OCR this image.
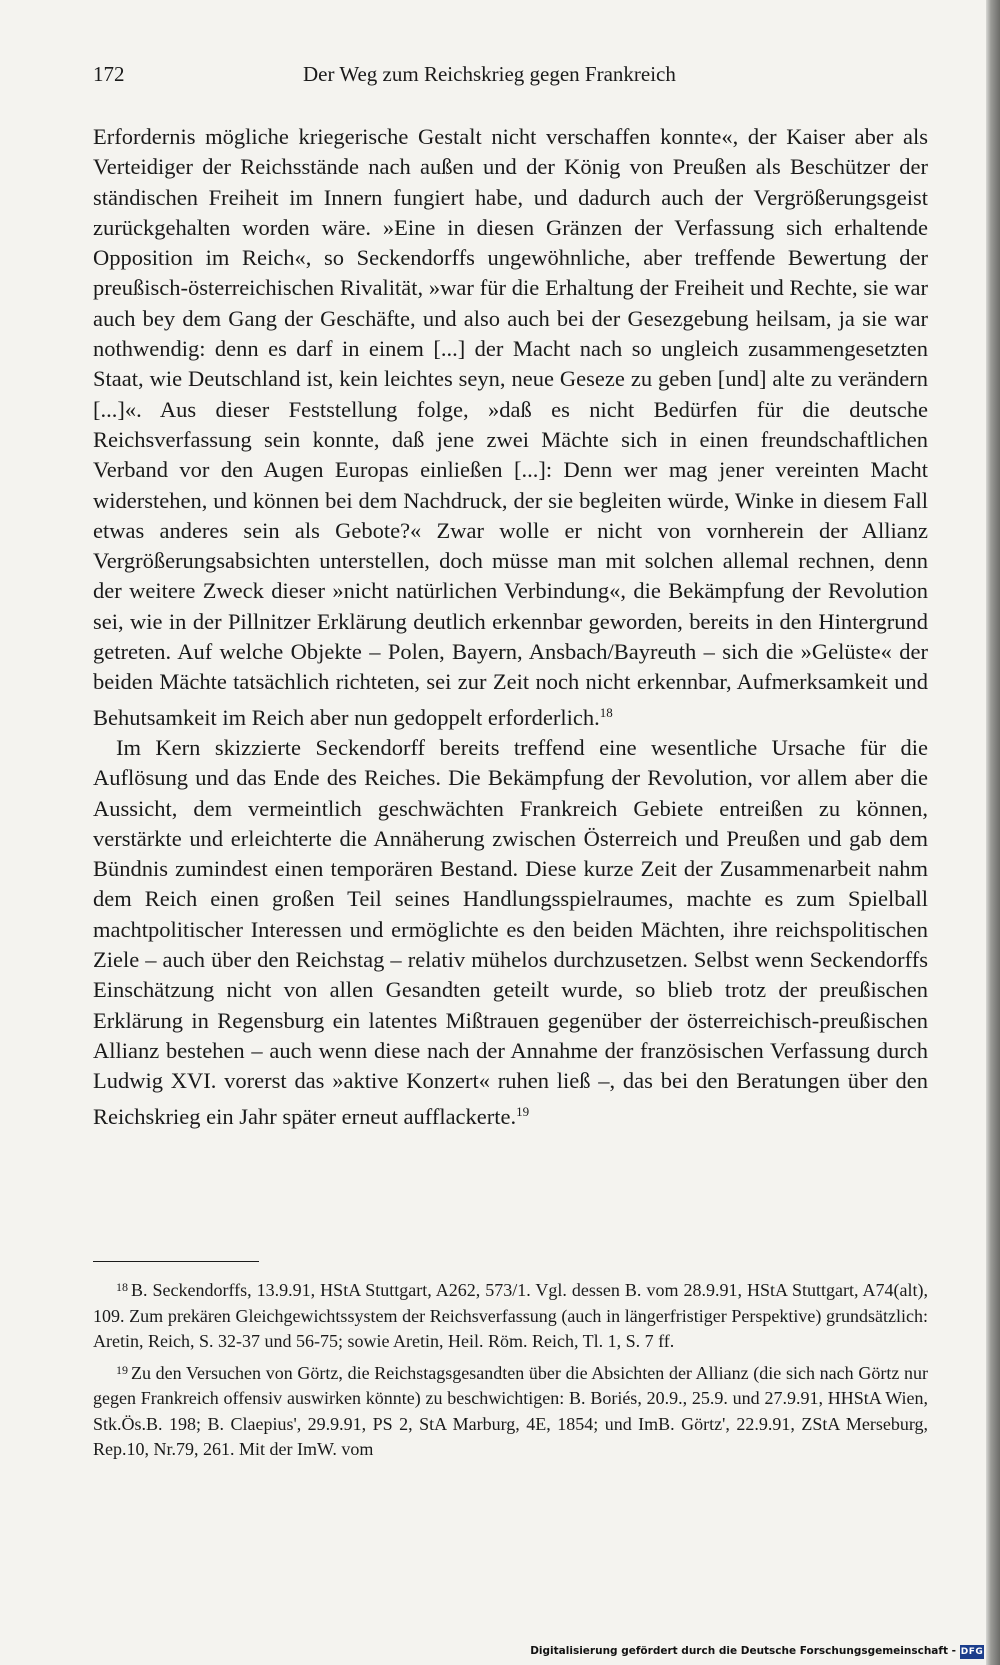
172	Der Weg zum Reichskrieg gegen Frankreich

Erfordernis mögliche kriegerische Gestalt nicht verschaffen konnte«, der Kaiser aber als Verteidiger der Reichsstände nach außen und der König von Preußen als Beschützer der ständischen Freiheit im Innern fungiert habe, und dadurch auch der Vergrößerungsgeist zurückgehalten worden wäre. »Eine in diesen Gränzen der Verfassung sich erhaltende Opposition im Reich«, so Seckendorffs ungewöhnliche, aber treffende Bewertung der preußisch-österreichischen Rivalität, »war für die Erhaltung der Freiheit und Rechte, sie war auch bey dem Gang der Geschäfte, und also auch bei der Gesezgebung heilsam, ja sie war nothwendig: denn es darf in einem [...] der Macht nach so ungleich zusammengesetzten Staat, wie Deutschland ist, kein leichtes seyn, neue Geseze zu geben [und] alte zu verändern [...]«. Aus dieser Feststellung folge, »daß es nicht Bedürfen für die deutsche Reichsverfassung sein konnte, daß jene zwei Mächte sich in einen freundschaftlichen Verband vor den Augen Europas einließen [...]: Denn wer mag jener vereinten Macht widerstehen, und können bei dem Nachdruck, der sie begleiten würde, Winke in diesem Fall etwas anderes sein als Gebote?« Zwar wolle er nicht von vornherein der Allianz Vergrößerungsabsichten unterstellen, doch müsse man mit solchen allemal rechnen, denn der weitere Zweck dieser »nicht natürlichen Verbindung«, die Bekämpfung der Revolution sei, wie in der Pillnitzer Erklärung deutlich erkennbar geworden, bereits in den Hintergrund getreten. Auf welche Objekte – Polen, Bayern, Ansbach/Bayreuth – sich die »Gelüste« der beiden Mächte tatsächlich richteten, sei zur Zeit noch nicht erkennbar, Aufmerksamkeit und Behutsamkeit im Reich aber nun gedoppelt erforderlich.$^{18}$

Im Kern skizzierte Seckendorff bereits treffend eine wesentliche Ursache für die Auflösung und das Ende des Reiches. Die Bekämpfung der Revolution, vor allem aber die Aussicht, dem vermeintlich geschwächten Frankreich Gebiete entreißen zu können, verstärkte und erleichterte die Annäherung zwischen Österreich und Preußen und gab dem Bündnis zumindest einen temporären Bestand. Diese kurze Zeit der Zusammenarbeit nahm dem Reich einen großen Teil seines Handlungsspielraumes, machte es zum Spielball machtpolitischer Interessen und ermöglichte es den beiden Mächten, ihre reichspolitischen Ziele – auch über den Reichstag – relativ mühelos durchzusetzen. Selbst wenn Seckendorffs Einschätzung nicht von allen Gesandten geteilt wurde, so blieb trotz der preußischen Erklärung in Regensburg ein latentes Mißtrauen gegenüber der österreichisch-preußischen Allianz bestehen – auch wenn diese nach der Annahme der französischen Verfassung durch Ludwig XVI. vorerst das »aktive Konzert« ruhen ließ –, das bei den Beratungen über den Reichskrieg ein Jahr später erneut aufflackerte.$^{19}$

$^{18}$ B. Seckendorffs, 13.9.91, HStA Stuttgart, A262, 573/1. Vgl. dessen B. vom 28.9.91, HStA Stuttgart, A74(alt), 109. Zum prekären Gleichgewichtssystem der Reichsverfassung (auch in längerfristiger Perspektive) grundsätzlich: Aretin, Reich, S. 32-37 und 56-75; sowie Aretin, Heil. Röm. Reich, Tl. 1, S. 7 ff.

$^{19}$ Zu den Versuchen von Görtz, die Reichstagsgesandten über die Absichten der Allianz (die sich nach Görtz nur gegen Frankreich offensiv auswirken könnte) zu beschwichtigen: B. Boriés, 20.9., 25.9. und 27.9.91, HHStA Wien, Stk.Ös.B. 198; B. Claepius', 29.9.91, PS 2, StA Marburg, 4E, 1854; und ImB. Görtz', 22.9.91, ZStA Merseburg, Rep.10, Nr.79, 261. Mit der ImW. vom

Digitalisierung gefördert durch die Deutsche Forschungsgemeinschaft -
DFG
